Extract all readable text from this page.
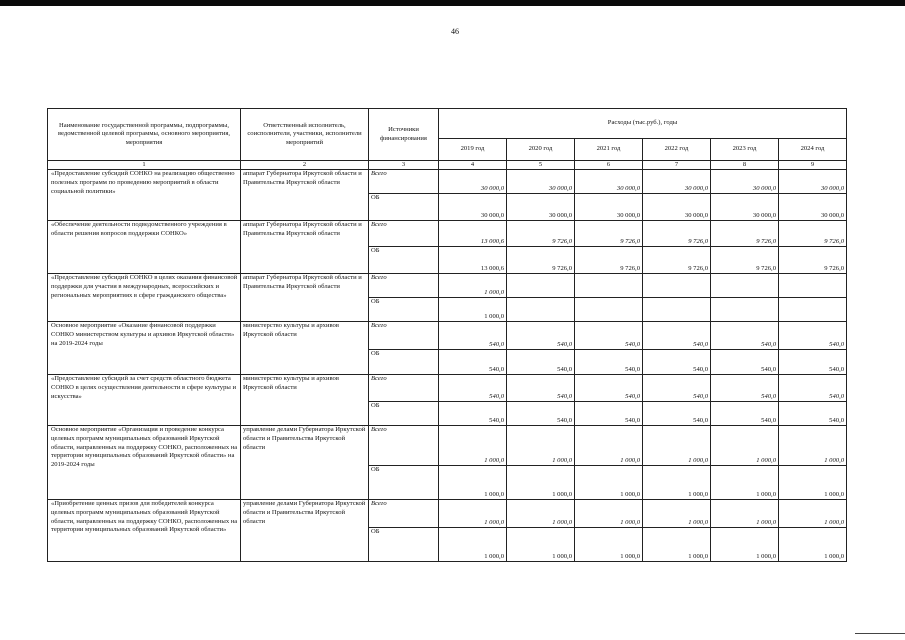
46
Наименование государственной программы, подпрограммы, ведомственной целевой программы, основного мероприятия, мероприятия	Ответственный исполнитель, соисполнители, участники, исполнители мероприятий	Источники финансирования	Расходы (тыс.руб.), годы					
			2019 год	2020 год	2021 год	2022 год	2023 год	2024 год
1	2	3	4	5	6	7	8	9
«Предоставление субсидий СОНКО на реализацию общественно полезных программ по проведению мероприятий в области социальной политики»	аппарат Губернатора Иркутской области и Правительства Иркутской области	Всего	30 000,0	30 000,0	30 000,0	30 000,0	30 000,0	30 000,0
		ОБ	30 000,0	30 000,0	30 000,0	30 000,0	30 000,0	30 000,0
«Обеспечение деятельности подведомственного учреждения в области решения вопросов поддержки СОНКО»	аппарат Губернатора Иркутской области и Правительства Иркутской области	Всего	13 000,6	9 726,0	9 726,0	9 726,0	9 726,0	9 726,0
		ОБ	13 000,6	9 726,0	9 726,0	9 726,0	9 726,0	9 726,0
«Предоставление субсидий СОНКО в целях оказания финансовой поддержки для участия в международных, всероссийских и региональных мероприятиях в сфере гражданского общества»	аппарат Губернатора Иркутской области и Правительства Иркутской области	Всего	1 000,0					
		ОБ	1 000,0					
Основное мероприятие «Оказание финансовой поддержки СОНКО министерством культуры и архивов Иркутской области» на 2019-2024 годы	министерство культуры и архивов Иркутской области	Всего	540,0	540,0	540,0	540,0	540,0	540,0
		ОБ	540,0	540,0	540,0	540,0	540,0	540,0
«Предоставление субсидий за счет средств областного бюджета СОНКО в целях осуществления деятельности в сфере культуры и искусства»	министерство культуры и архивов Иркутской области	Всего	540,0	540,0	540,0	540,0	540,0	540,0
		ОБ	540,0	540,0	540,0	540,0	540,0	540,0
Основное мероприятие «Организация и проведение конкурса целевых программ муниципальных образований Иркутской области, направленных на поддержку СОНКО, расположенных на территории муниципальных образований Иркутской области» на 2019-2024 годы	управление делами Губернатора Иркутской области и Правительства Иркутской области	Всего	1 000,0	1 000,0	1 000,0	1 000,0	1 000,0	1 000,0
		ОБ	1 000,0	1 000,0	1 000,0	1 000,0	1 000,0	1 000,0
«Приобретение ценных призов для победителей конкурса целевых программ муниципальных образований Иркутской области, направленных на поддержку СОНКО, расположенных на территории муниципальных образований Иркутской области»	управление делами Губернатора Иркутской области и Правительства Иркутской области	Всего	1 000,0	1 000,0	1 000,0	1 000,0	1 000,0	1 000,0
		ОБ	1 000,0	1 000,0	1 000,0	1 000,0	1 000,0	1 000,0
